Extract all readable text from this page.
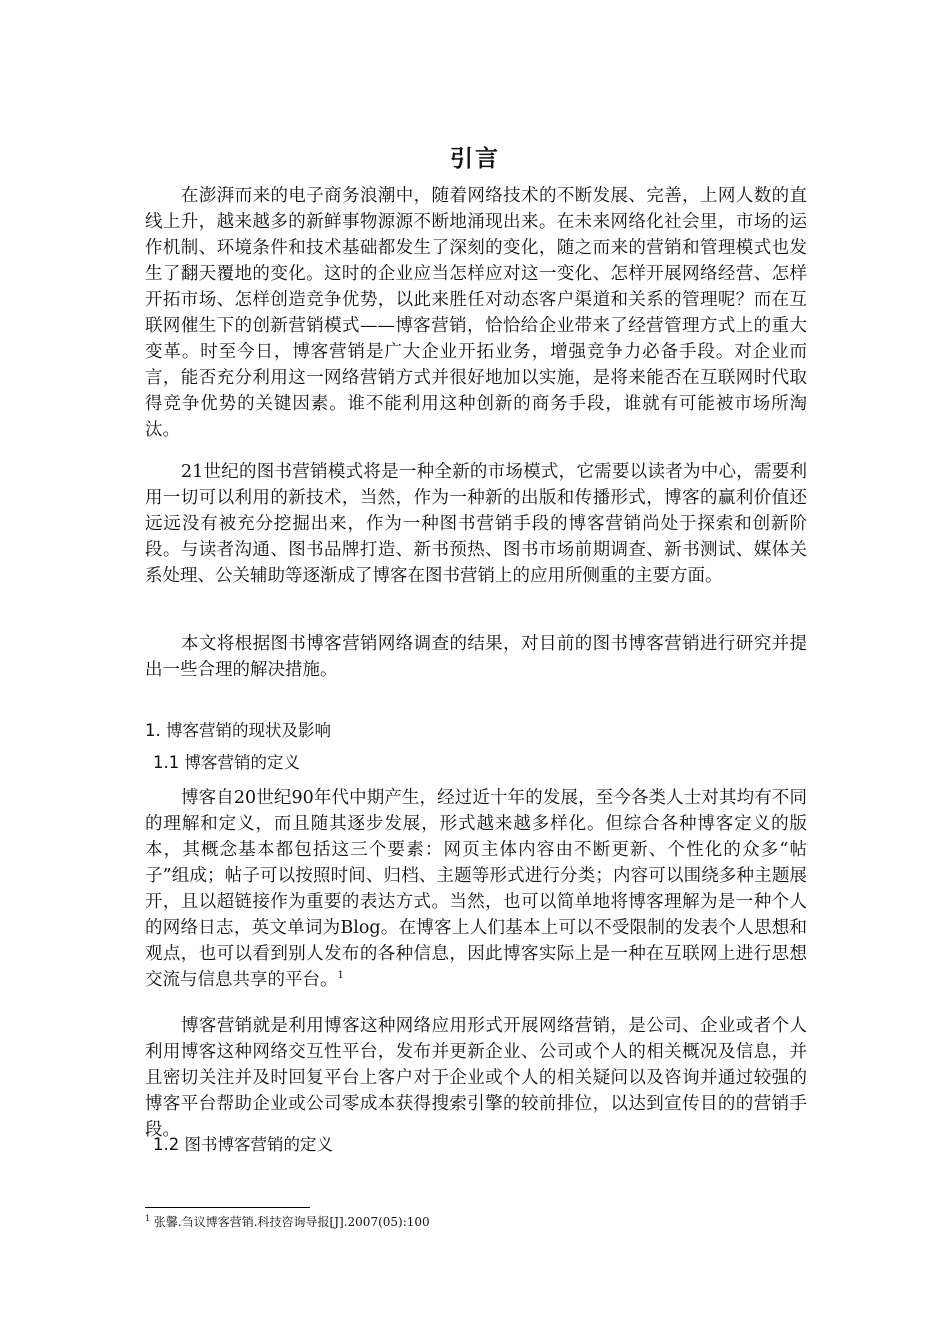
引言

在澎湃而来的电子商务浪潮中，随着网络技术的不断发展、完善，上网人数的直线上升，越来越多的新鲜事物源源不断地涌现出来。在未来网络化社会里，市场的运作机制、环境条件和技术基础都发生了深刻的变化，随之而来的营销和管理模式也发生了翻天覆地的变化。这时的企业应当怎样应对这一变化、怎样开展网络经营、怎样开拓市场、怎样创造竞争优势，以此来胜任对动态客户渠道和关系的管理呢？而在互联网催生下的创新营销模式——博客营销，恰恰给企业带来了经营管理方式上的重大变革。时至今日，博客营销是广大企业开拓业务，增强竞争力必备手段。对企业而言，能否充分利用这一网络营销方式并很好地加以实施，是将来能否在互联网时代取得竞争优势的关键因素。谁不能利用这种创新的商务手段，谁就有可能被市场所淘汰。

21世纪的图书营销模式将是一种全新的市场模式，它需要以读者为中心，需要利用一切可以利用的新技术，当然，作为一种新的出版和传播形式，博客的赢利价值还远远没有被充分挖掘出来，作为一种图书营销手段的博客营销尚处于探索和创新阶段。与读者沟通、图书品牌打造、新书预热、图书市场前期调查、新书测试、媒体关系处理、公关辅助等逐渐成了博客在图书营销上的应用所侧重的主要方面。

本文将根据图书博客营销网络调查的结果，对目前的图书博客营销进行研究并提出一些合理的解决措施。

1. 博客营销的现状及影响
1.1 博客营销的定义

博客自20世纪90年代中期产生，经过近十年的发展，至今各类人士对其均有不同的理解和定义，而且随其逐步发展，形式越来越多样化。但综合各种博客定义的版本，其概念基本都包括这三个要素：网页主体内容由不断更新、个性化的众多“帖子”组成；帖子可以按照时间、归档、主题等形式进行分类；内容可以围绕多种主题展开，且以超链接作为重要的表达方式。当然，也可以简单地将博客理解为是一种个人的网络日志，英文单词为Blog。在博客上人们基本上可以不受限制的发表个人思想和观点，也可以看到别人发布的各种信息，因此博客实际上是一种在互联网上进行思想交流与信息共享的平台。$^1$

博客营销就是利用博客这种网络应用形式开展网络营销，是公司、企业或者个人利用博客这种网络交互性平台，发布并更新企业、公司或个人的相关概况及信息，并且密切关注并及时回复平台上客户对于企业或个人的相关疑问以及咨询并通过较强的博客平台帮助企业或公司零成本获得搜索引擎的较前排位，以达到宣传目的的营销手段。

1.2 图书博客营销的定义
$^1$ 张馨.刍议博客营销.科技咨询导报[J].2007(05):100
